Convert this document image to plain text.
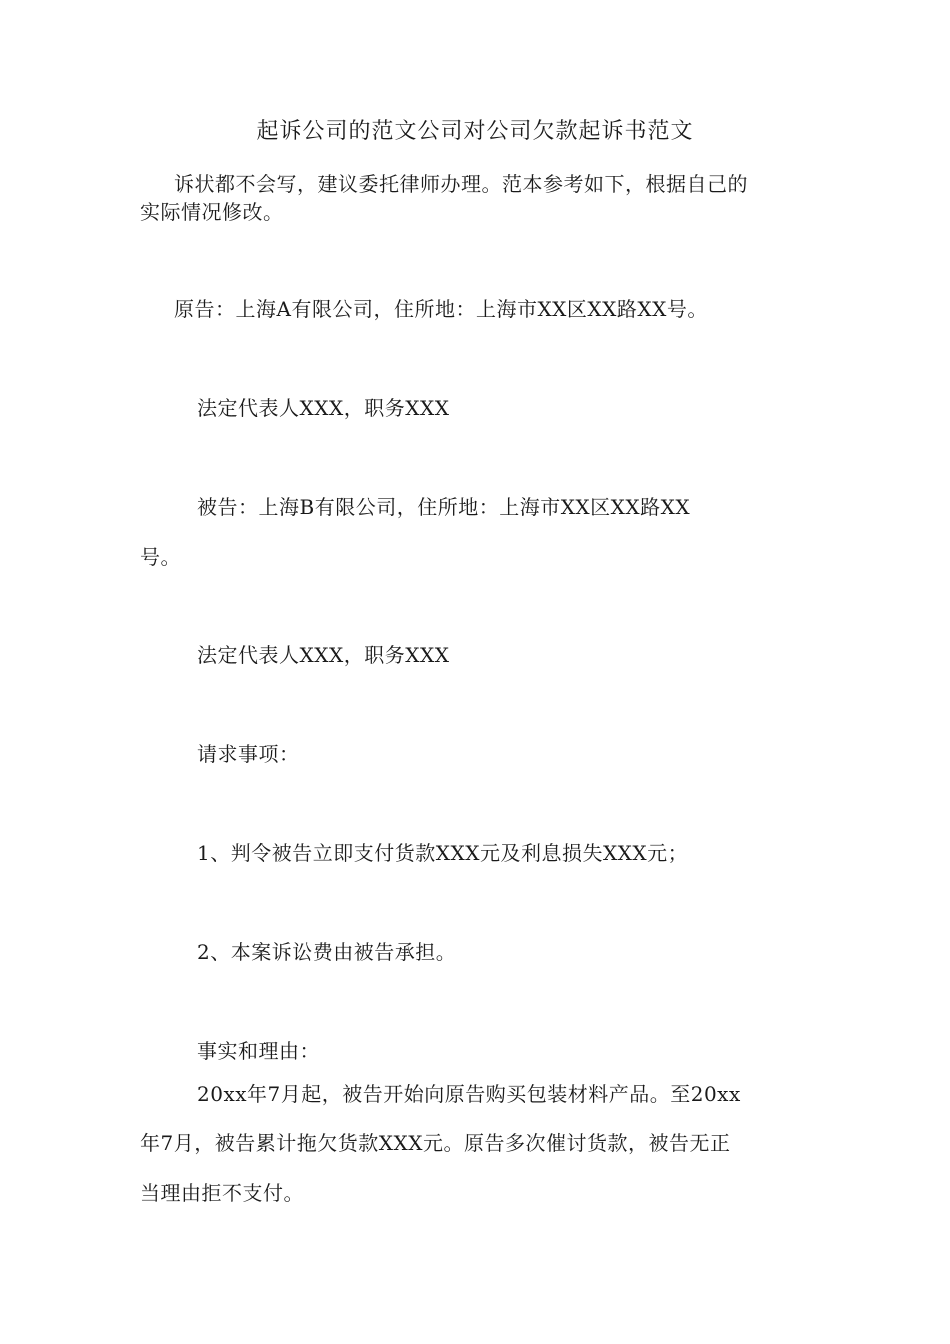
起诉公司的范文公司对公司欠款起诉书范文
诉状都不会写，建议委托律师办理。范本参考如下，根据自己的
实际情况修改。
原告：上海A有限公司，住所地：上海市XX区XX路XX号。
法定代表人XXX，职务XXX
被告：上海B有限公司，住所地：上海市XX区XX路XX
号。
法定代表人XXX，职务XXX
请求事项：
1、判令被告立即支付货款XXX元及利息损失XXX元；
2、本案诉讼费由被告承担。
事实和理由：
20xx年7月起，被告开始向原告购买包装材料产品。至20xx
年7月，被告累计拖欠货款XXX元。原告多次催讨货款，被告无正
当理由拒不支付。
